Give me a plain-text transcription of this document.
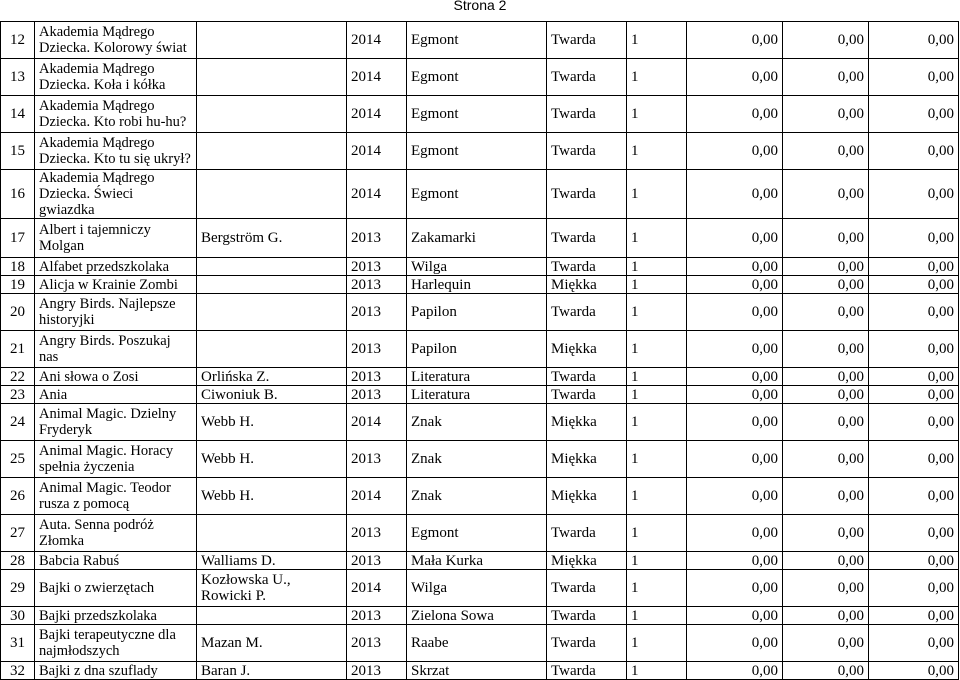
Strona 2
12	Akademia Mądrego Dziecka. Kolorowy świat		2014	Egmont	Twarda	1	0,00	0,00	0,00
13	Akademia Mądrego Dziecka. Koła i kółka		2014	Egmont	Twarda	1	0,00	0,00	0,00
14	Akademia Mądrego Dziecka. Kto robi hu-hu?		2014	Egmont	Twarda	1	0,00	0,00	0,00
15	Akademia Mądrego Dziecka. Kto tu się ukrył?		2014	Egmont	Twarda	1	0,00	0,00	0,00
16	Akademia Mądrego Dziecka. Świeci gwiazdka		2014	Egmont	Twarda	1	0,00	0,00	0,00
17	Albert i tajemniczy Molgan	Bergström G.	2013	Zakamarki	Twarda	1	0,00	0,00	0,00
18	Alfabet przedszkolaka		2013	Wilga	Twarda	1	0,00	0,00	0,00
19	Alicja w Krainie Zombi		2013	Harlequin	Miękka	1	0,00	0,00	0,00
20	Angry Birds. Najlepsze historyjki		2013	Papilon	Twarda	1	0,00	0,00	0,00
21	Angry Birds. Poszukaj nas		2013	Papilon	Miękka	1	0,00	0,00	0,00
22	Ani słowa o Zosi	Orlińska Z.	2013	Literatura	Twarda	1	0,00	0,00	0,00
23	Ania	Ciwoniuk B.	2013	Literatura	Twarda	1	0,00	0,00	0,00
24	Animal Magic. Dzielny Fryderyk	Webb H.	2014	Znak	Miękka	1	0,00	0,00	0,00
25	Animal Magic. Horacy spełnia życzenia	Webb H.	2013	Znak	Miękka	1	0,00	0,00	0,00
26	Animal Magic. Teodor rusza z pomocą	Webb H.	2014	Znak	Miękka	1	0,00	0,00	0,00
27	Auta. Senna podróż Złomka		2013	Egmont	Twarda	1	0,00	0,00	0,00
28	Babcia Rabuś	Walliams D.	2013	Mała Kurka	Miękka	1	0,00	0,00	0,00
29	Bajki o zwierzętach	Kozłowska U., Rowicki P.	2014	Wilga	Twarda	1	0,00	0,00	0,00
30	Bajki przedszkolaka		2013	Zielona Sowa	Twarda	1	0,00	0,00	0,00
31	Bajki terapeutyczne dla najmłodszych	Mazan M.	2013	Raabe	Twarda	1	0,00	0,00	0,00
32	Bajki z dna szuflady	Baran J.	2013	Skrzat	Twarda	1	0,00	0,00	0,00
